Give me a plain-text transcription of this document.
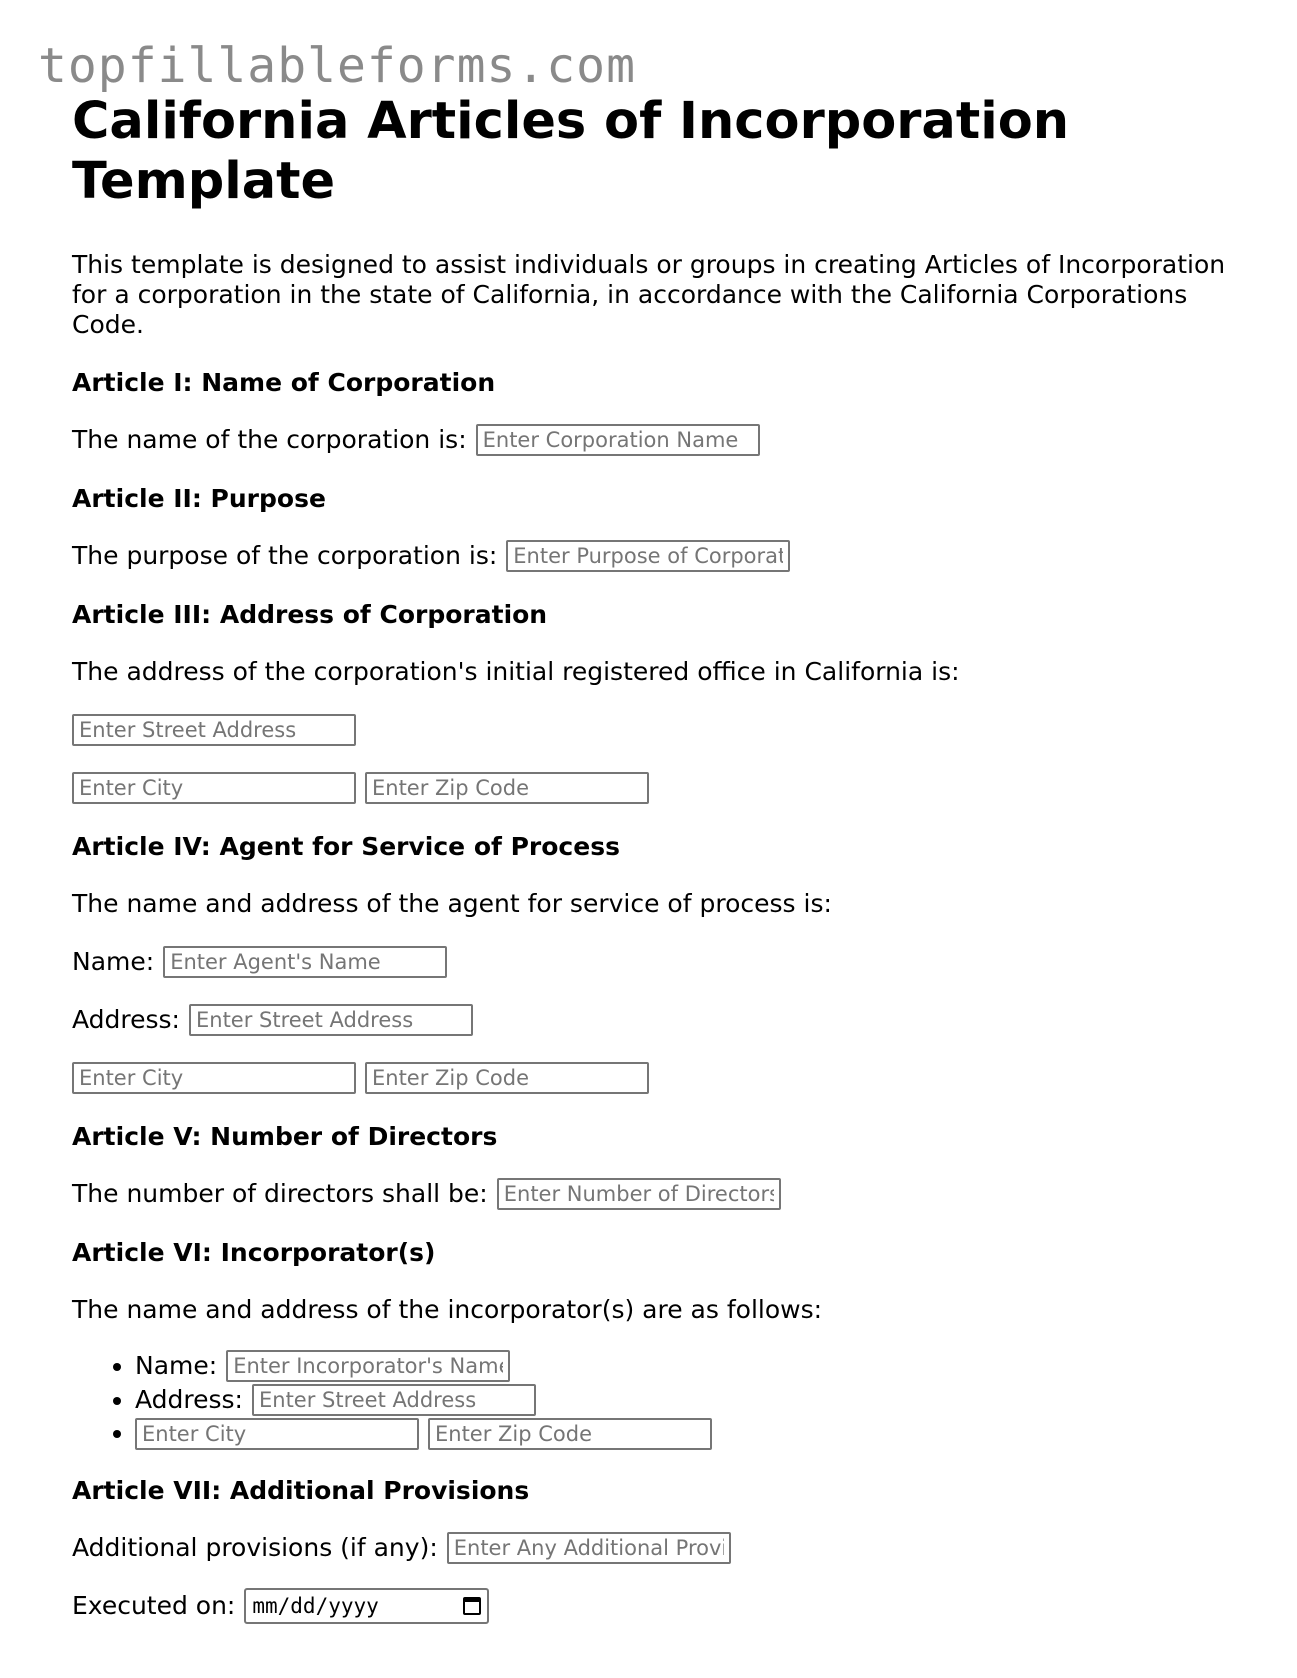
topfillableforms.com
California Articles of Incorporation Template

This template is designed to assist individuals or groups in creating Articles of Incorporation for a corporation in the state of California, in accordance with the California Corporations Code.

Article I: Name of Corporation
The name of the corporation is:
Enter Corporation Name
Article II: Purpose
The purpose of the corporation is:
Enter Purpose of Corporation
Article III: Address of Corporation
The address of the corporation's initial registered office in California is:
Enter Street Address
Enter City
Enter Zip Code
Article IV: Agent for Service of Process
The name and address of the agent for service of process is:
Name:
Enter Agent's Name
Address:
Enter Street Address
Enter City
Enter Zip Code
Article V: Number of Directors
The number of directors shall be:
Enter Number of Directors
Article VI: Incorporator(s)
The name and address of the incorporator(s) are as follows:
• Name:
Enter Incorporator's Name
• Address:
Enter Street Address
•
Enter City
Enter Zip Code
Article VII: Additional Provisions
Additional provisions (if any):
Enter Any Additional Provisions
Executed on: mm/dd/yyyy
